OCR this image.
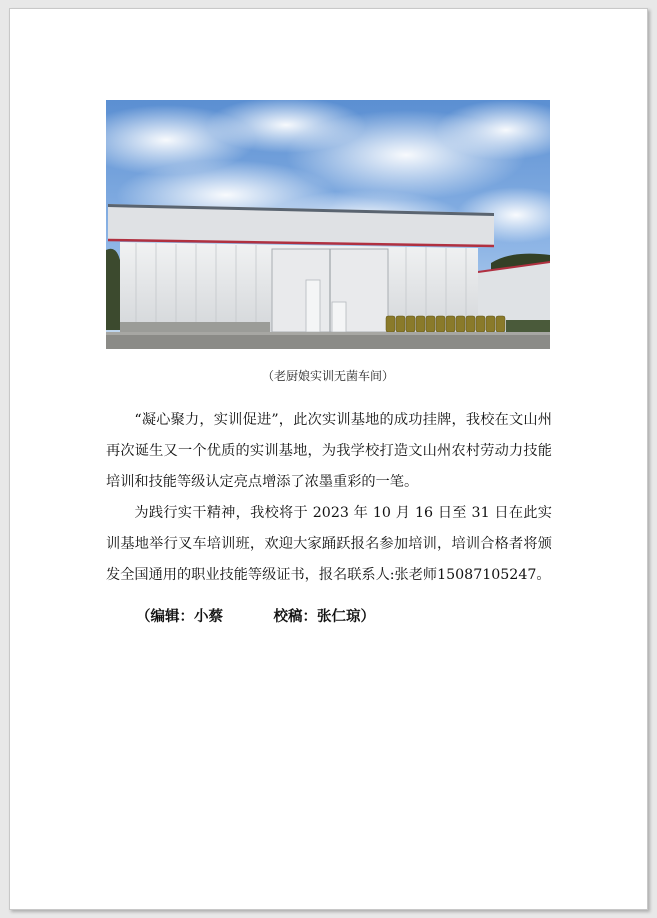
（老厨娘实训无菌车间）

“凝心聚力，实训促进”，此次实训基地的成功挂牌，我校在文山州再次诞生又一个优质的实训基地，为我学校打造文山州农村劳动力技能培训和技能等级认定亮点增添了浓墨重彩的一笔。

为践行实干精神，我校将于 2023 年 10 月 16 日至 31 日在此实训基地举行叉车培训班，欢迎大家踊跃报名参加培训，培训合格者将颁发全国通用的职业技能等级证书，报名联系人:张老师15087105247。

（编辑：小蔡	校稿：张仁琼）
